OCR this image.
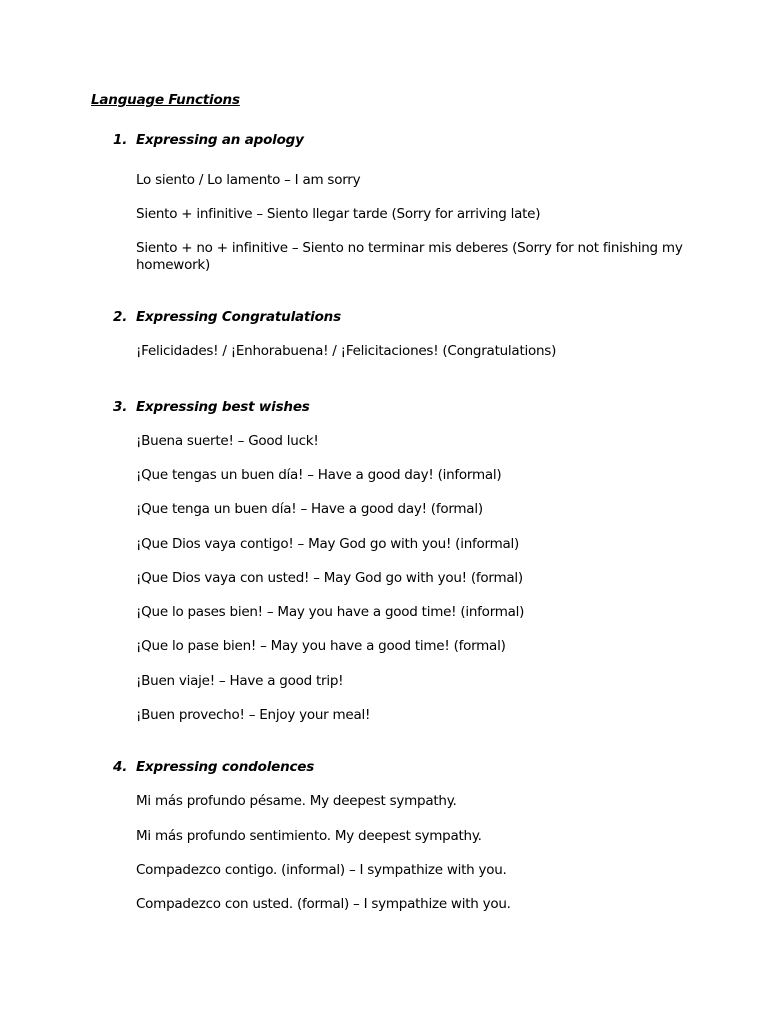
Language Functions
1. Expressing an apology
Lo siento / Lo lamento – I am sorry
Siento + infinitive – Siento llegar tarde (Sorry for arriving late)
Siento + no + infinitive – Siento no terminar mis deberes (Sorry for not finishing my homework)
2. Expressing Congratulations
¡Felicidades! / ¡Enhorabuena! / ¡Felicitaciones! (Congratulations)
3. Expressing best wishes
¡Buena suerte! – Good luck!
¡Que tengas un buen día! – Have a good day! (informal)
¡Que tenga un buen día! – Have a good day! (formal)
¡Que Dios vaya contigo! – May God go with you! (informal)
¡Que Dios vaya con usted! – May God go with you! (formal)
¡Que lo pases bien! – May you have a good time! (informal)
¡Que lo pase bien! – May you have a good time! (formal)
¡Buen viaje! – Have a good trip!
¡Buen provecho! – Enjoy your meal!
4. Expressing condolences
Mi más profundo pésame. My deepest sympathy.
Mi más profundo sentimiento. My deepest sympathy.
Compadezco contigo. (informal) – I sympathize with you.
Compadezco con usted. (formal) – I sympathize with you.
